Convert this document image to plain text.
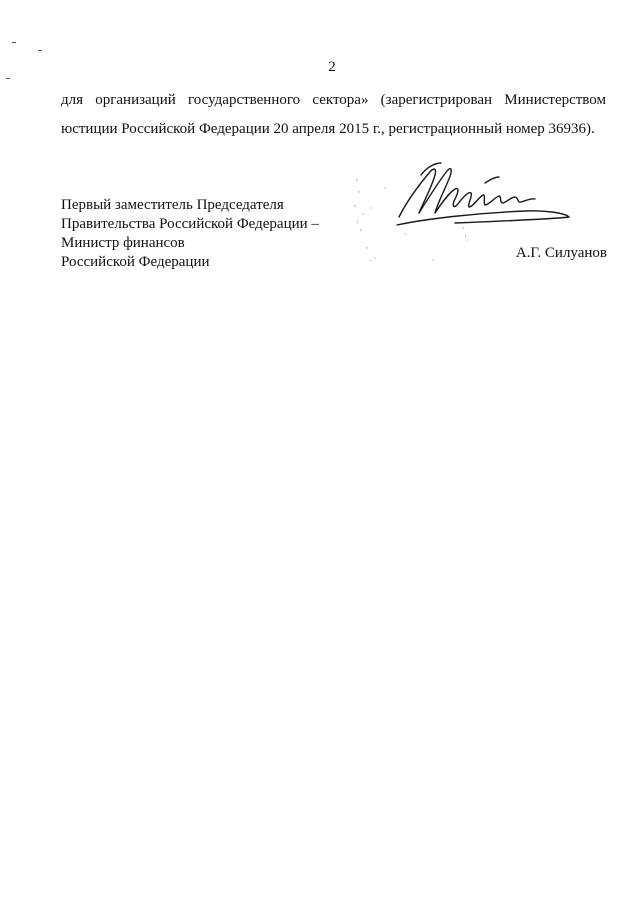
2
для организаций государственного сектора» (зарегистрирован Министерством
юстиции Российской Федерации 20 апреля 2015 г., регистрационный номер 36936).
Первый заместитель Председателя
Правительства Российской Федерации –
Министр финансов
Российской Федерации
А.Г. Силуанов
